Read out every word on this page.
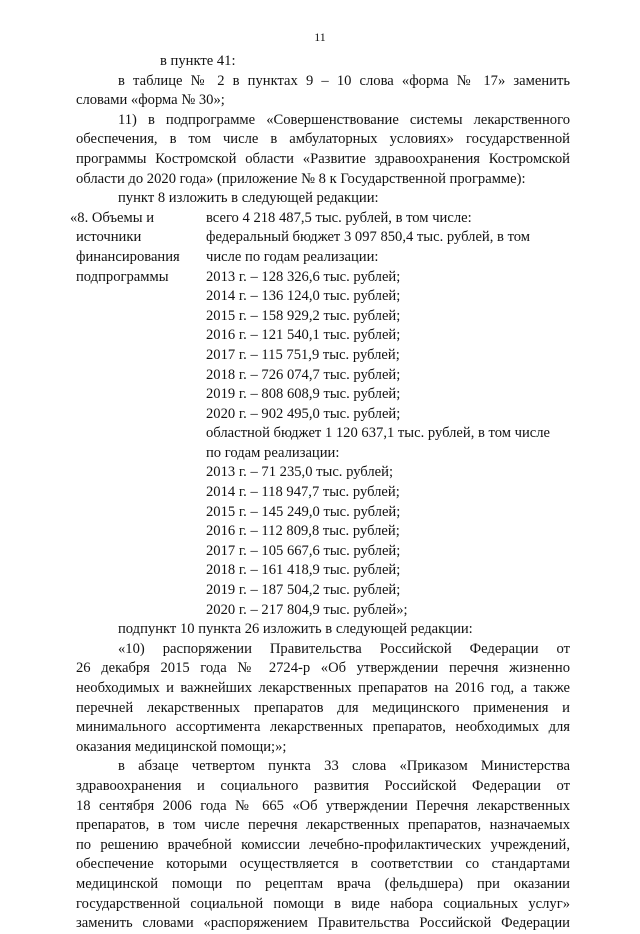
11
в пункте 41:
в таблице № 2 в пунктах 9 – 10 слова «форма № 17» заменить
словами «форма № 30»;
11) в подпрограмме «Совершенствование системы лекарственного
обеспечения, в том числе в амбулаторных условиях» государственной
программы Костромской области «Развитие здравоохранения Костромской
области до 2020 года» (приложение № 8 к Государственной программе):
пункт 8 изложить в следующей редакции:
«8. Объемы и
источники
финансирования
подпрограммы
всего 4 218 487,5 тыс. рублей, в том числе:
федеральный бюджет 3 097 850,4 тыс. рублей, в том
числе по годам реализации:
2013 г. – 128 326,6 тыс. рублей;
2014 г. – 136 124,0 тыс. рублей;
2015 г. – 158 929,2 тыс. рублей;
2016 г. – 121 540,1 тыс. рублей;
2017 г. – 115 751,9 тыс. рублей;
2018 г. – 726 074,7 тыс. рублей;
2019 г. – 808 608,9 тыс. рублей;
2020 г. – 902 495,0 тыс. рублей;
областной бюджет 1 120 637,1 тыс. рублей, в том числе
по годам реализации:
2013 г. – 71 235,0 тыс. рублей;
2014 г. – 118 947,7 тыс. рублей;
2015 г. – 145 249,0 тыс. рублей;
2016 г. – 112 809,8 тыс. рублей;
2017 г. – 105 667,6 тыс. рублей;
2018 г. – 161 418,9 тыс. рублей;
2019 г. – 187 504,2 тыс. рублей;
2020 г. – 217 804,9 тыс. рублей»;
подпункт 10 пункта 26 изложить в следующей редакции:
«10) распоряжении Правительства Российской Федерации от
26 декабря 2015 года № 2724-р «Об утверждении перечня жизненно
необходимых и важнейших лекарственных препаратов на 2016 год, а также
перечней лекарственных препаратов для медицинского применения и
минимального ассортимента лекарственных препаратов, необходимых для
оказания медицинской помощи;»;
в абзаце четвертом пункта 33 слова «Приказом Министерства
здравоохранения и социального развития Российской Федерации от
18 сентября 2006 года № 665 «Об утверждении Перечня лекарственных
препаратов, в том числе перечня лекарственных препаратов, назначаемых
по решению врачебной комиссии лечебно-профилактических учреждений,
обеспечение которыми осуществляется в соответствии со стандартами
медицинской помощи по рецептам врача (фельдшера) при оказании
государственной социальной помощи в виде набора социальных услуг»
заменить словами «распоряжением Правительства Российской Федерации
